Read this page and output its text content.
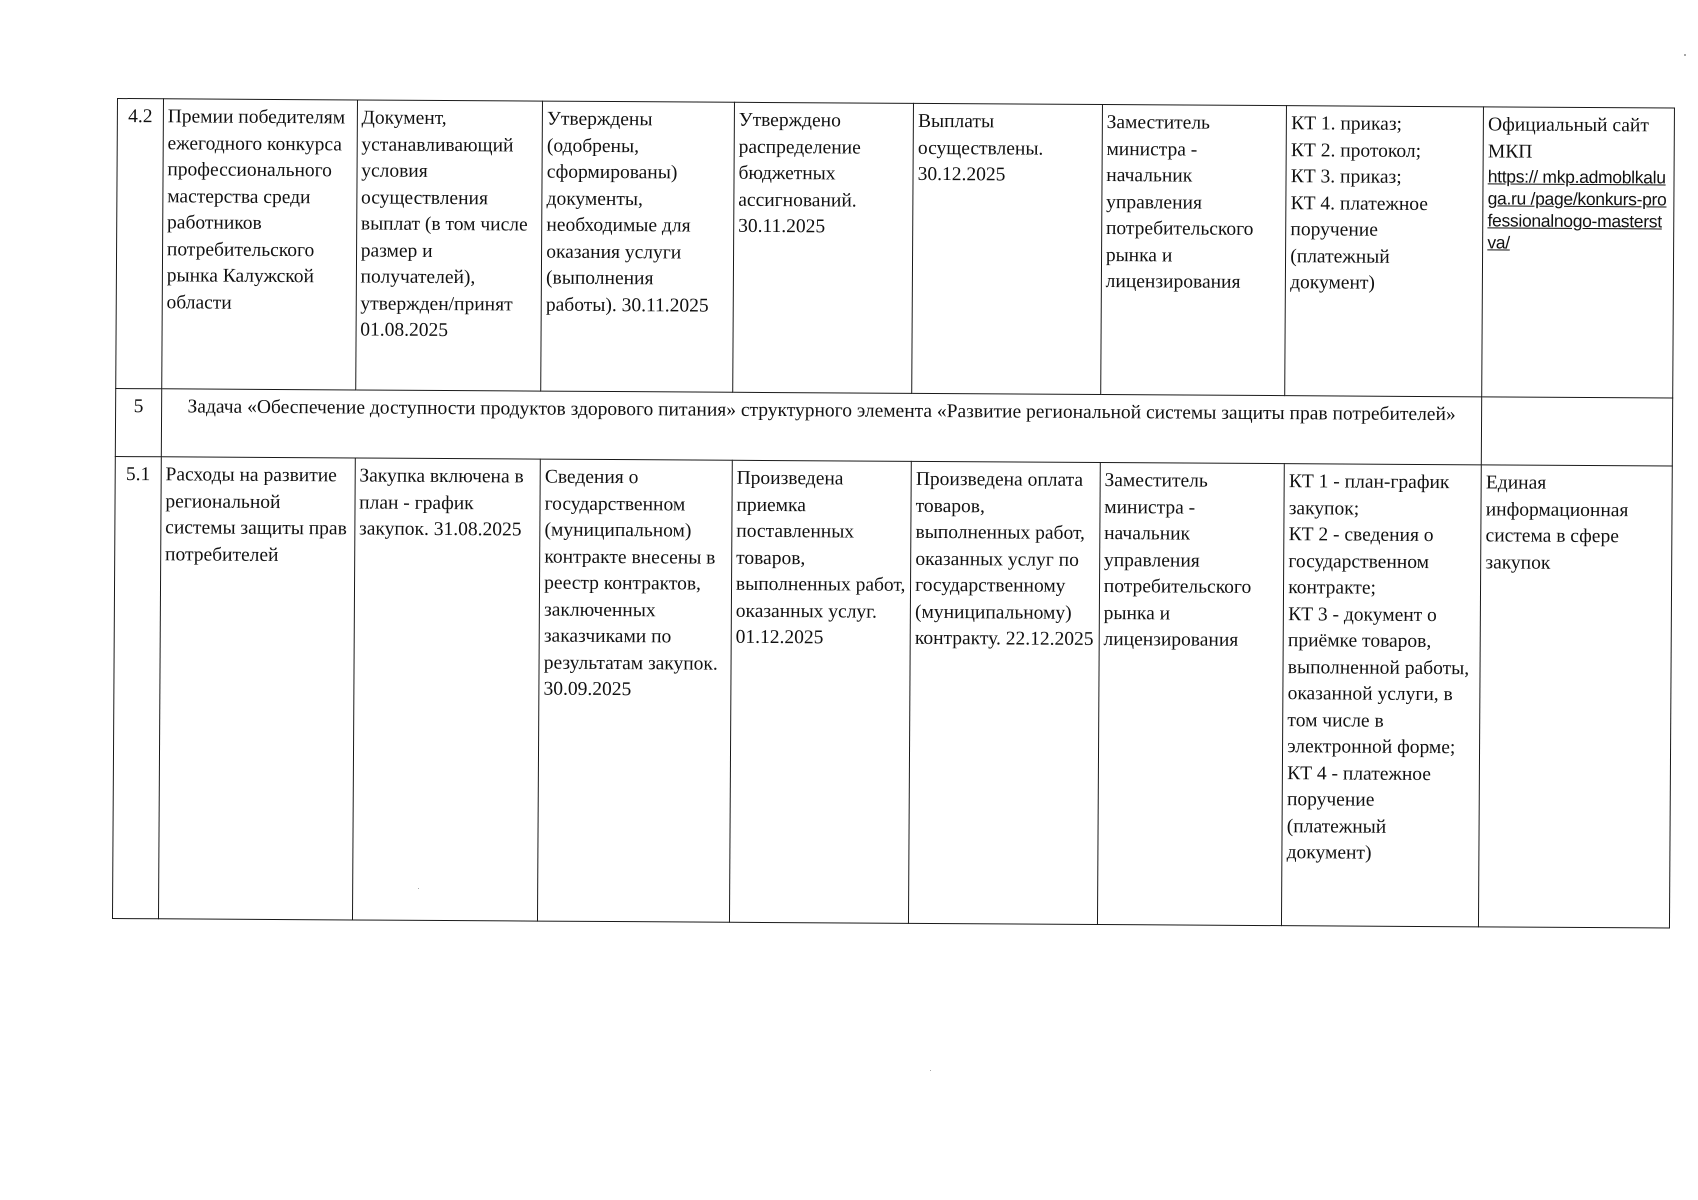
4.2	Премии победителям ежегодного конкурса профессионального мастерства среди работников потребительского рынка Калужской области	Документ, устанавливающий условия осуществления выплат (в том числе размер и получателей), утвержден/принят 01.08.2025	Утверждены (одобрены, сформированы) документы, необходимые для оказания услуги (выполнения работы). 30.11.2025	Утверждено распределение бюджетных ассигнований. 30.11.2025	Выплаты осуществлены. 30.12.2025	Заместитель министра - начальник управления потребительского рынка и лицензирования	КТ 1. приказ;
КТ 2. протокол;
КТ 3. приказ;
КТ 4. платежное поручение (платежный документ)	Официальный сайт МКП
https:// mkp.admoblkaluga.ru /page/konkurs-professionalnogo-masterstva/

5	Задача «Обеспечение доступности продуктов здорового питания» структурного элемента «Развитие региональной системы защиты прав потребителей»							
5.1	Расходы на развитие региональной системы защиты прав потребителей	Закупка включена в план - график закупок. 31.08.2025	Сведения о государственном (муниципальном) контракте внесены в реестр контрактов, заключенных заказчиками по результатам закупок. 30.09.2025	Произведена приемка поставленных товаров, выполненных работ, оказанных услуг. 01.12.2025	Произведена оплата товаров, выполненных работ, оказанных услуг по государственному (муниципальному) контракту. 22.12.2025	Заместитель министра - начальник управления потребительского рынка и лицензирования	КТ 1 - план-график закупок;
КТ 2 - сведения о государственном контракте;
КТ 3 - документ о приёмке товаров, выполненной работы, оказанной услуги, в том числе в электронной форме;
КТ 4 - платежное поручение (платежный документ)	Единая информационная система в сфере закупок
